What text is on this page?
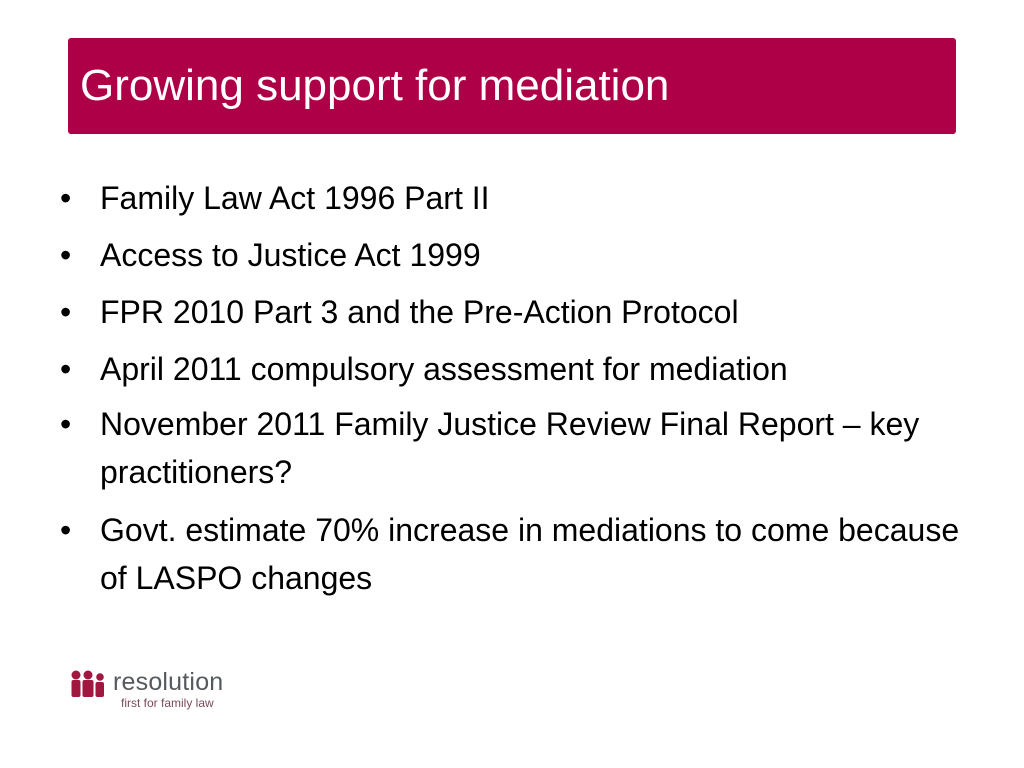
Growing support for mediation
• Family Law Act 1996 Part II
• Access to Justice Act 1999
• FPR 2010 Part 3 and the Pre-Action Protocol
• April 2011 compulsory assessment for mediation
• November 2011 Family Justice Review Final Report – key practitioners?
• Govt. estimate 70% increase in mediations to come because of LASPO changes
resolution
first for family law
